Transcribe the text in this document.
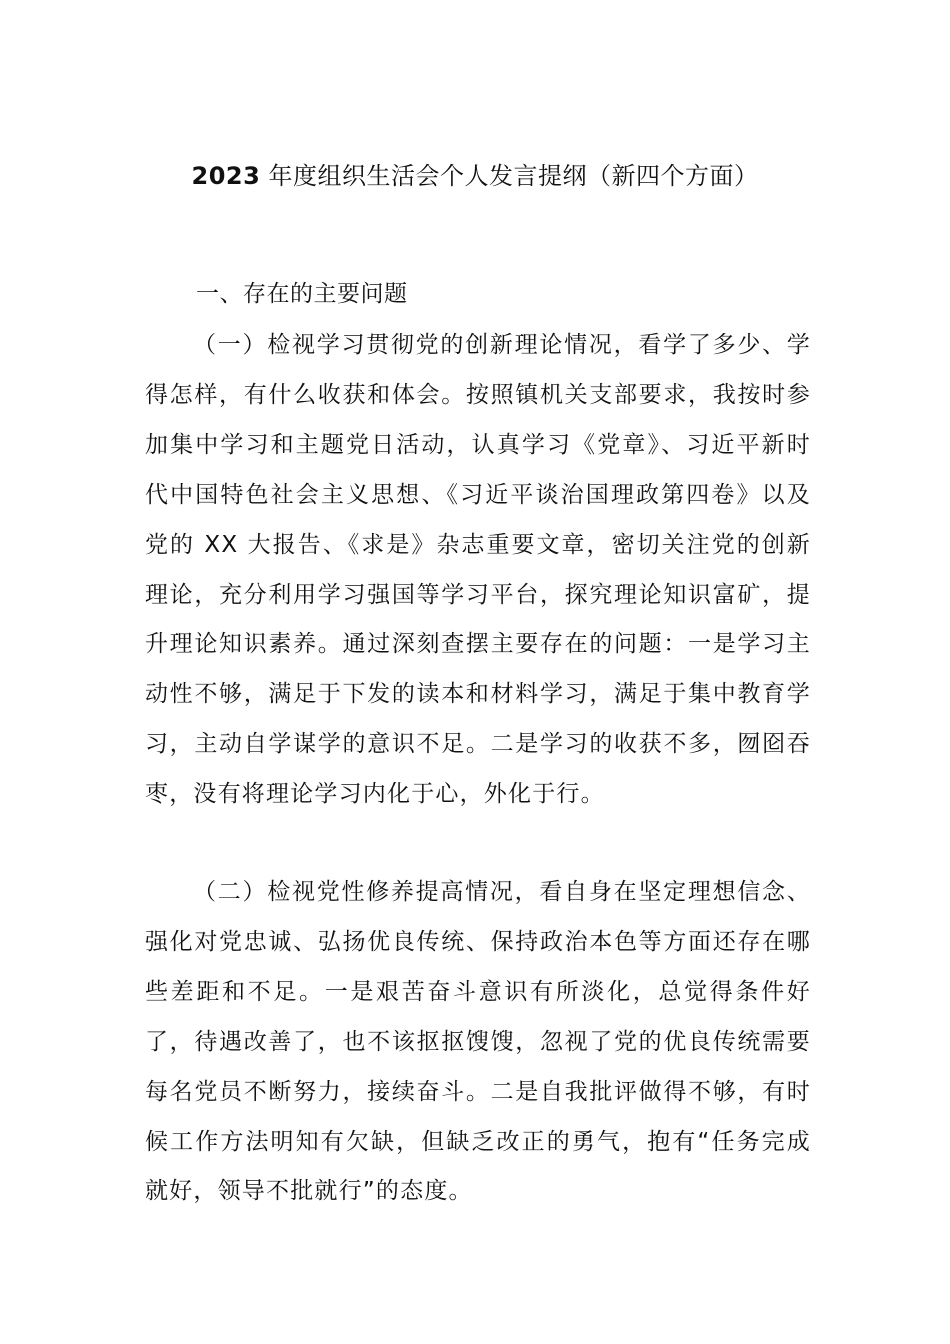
2023 年度组织生活会个人发言提纲（新四个方面）
一、存在的主要问题

（一）检视学习贯彻党的创新理论情况，看学了多少、学得怎样，有什么收获和体会。按照镇机关支部要求，我按时参加集中学习和主题党日活动，认真学习《党章》、习近平新时代中国特色社会主义思想、《习近平谈治国理政第四卷》以及党的 XX 大报告、《求是》杂志重要文章，密切关注党的创新理论，充分利用学习强国等学习平台，探究理论知识富矿，提升理论知识素养。通过深刻查摆主要存在的问题：一是学习主动性不够，满足于下发的读本和材料学习，满足于集中教育学习，主动自学谋学的意识不足。二是学习的收获不多，囫囵吞枣，没有将理论学习内化于心，外化于行。

（二）检视党性修养提高情况，看自身在坚定理想信念、强化对党忠诚、弘扬优良传统、保持政治本色等方面还存在哪些差距和不足。一是艰苦奋斗意识有所淡化，总觉得条件好了，待遇改善了，也不该抠抠馊馊，忽视了党的优良传统需要每名党员不断努力，接续奋斗。二是自我批评做得不够，有时候工作方法明知有欠缺，但缺乏改正的勇气，抱有“任务完成就好，领导不批就行”的态度。
